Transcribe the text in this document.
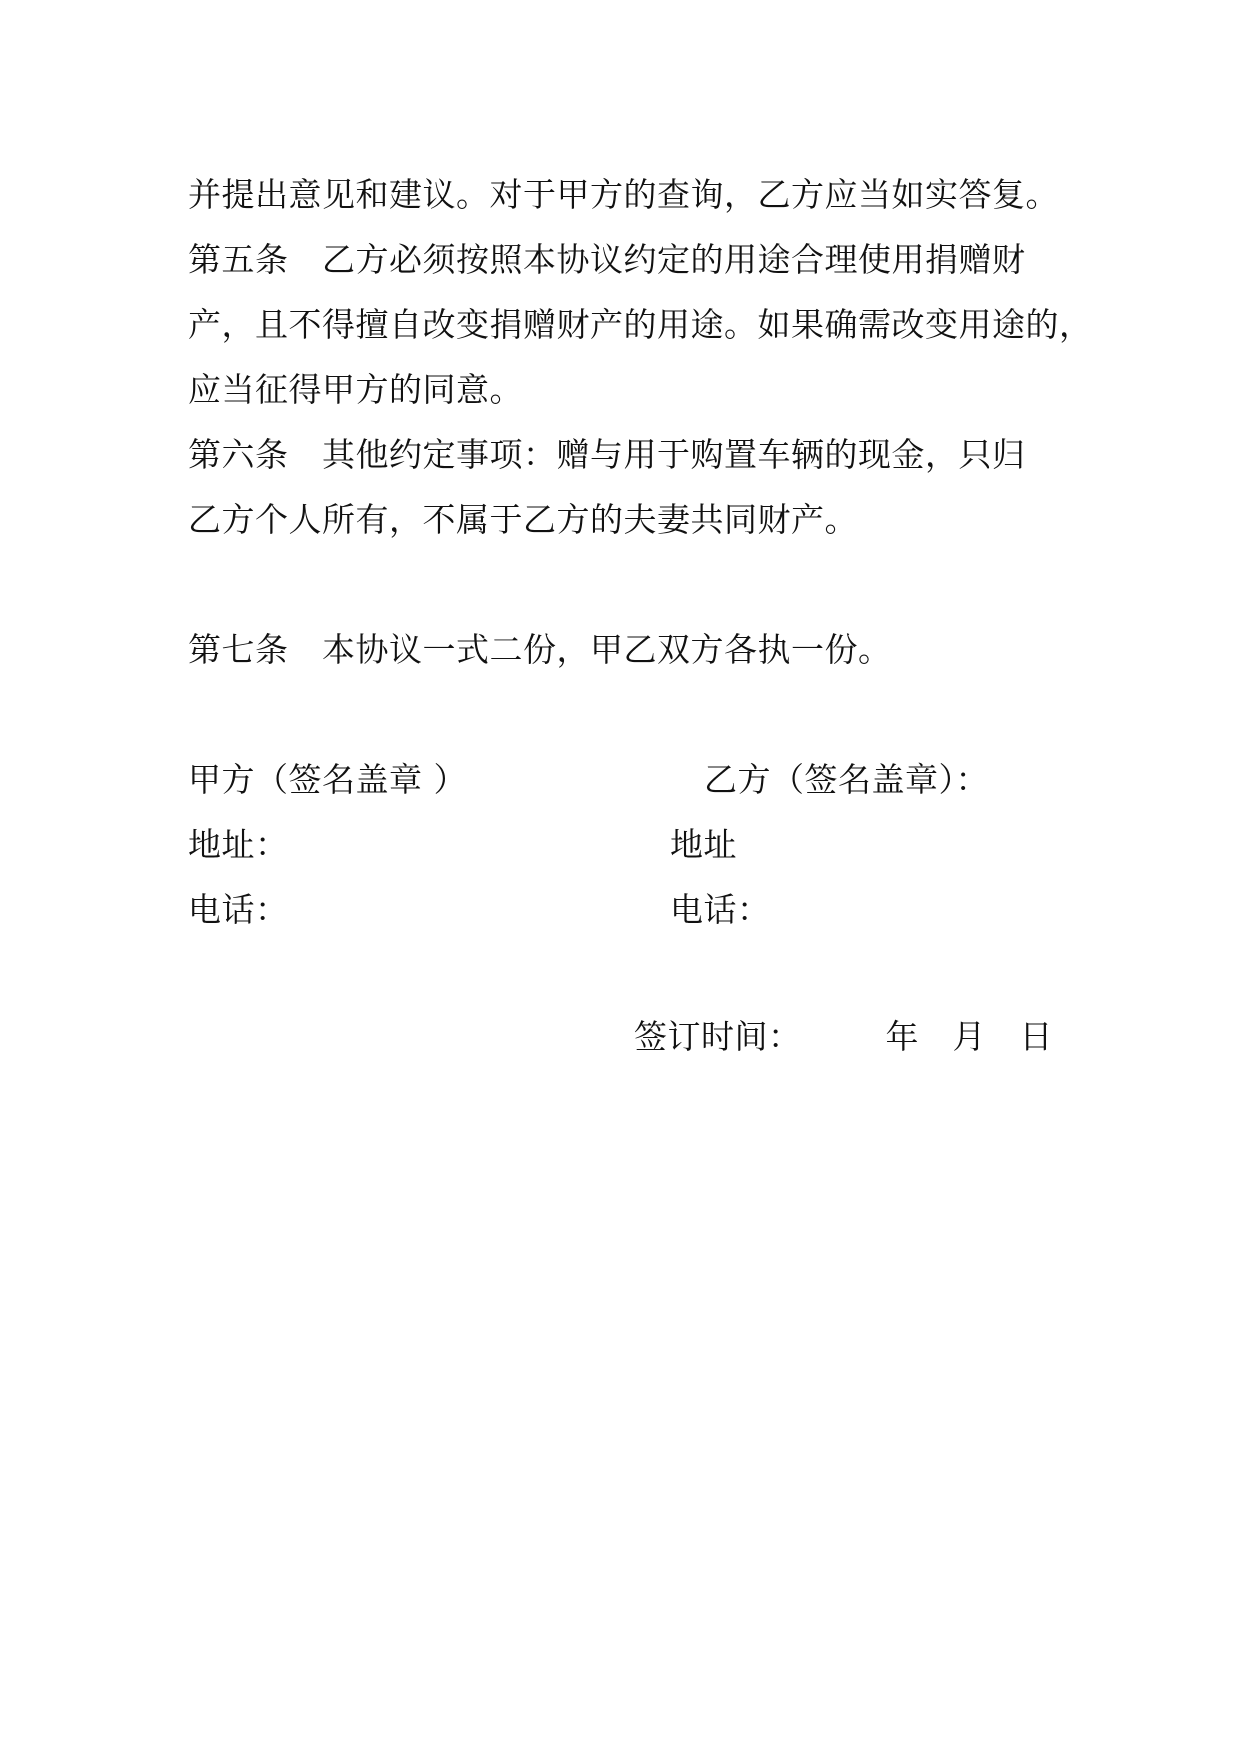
并提出意见和建议。对于甲方的查询，乙方应当如实答复。
第五条　乙方必须按照本协议约定的用途合理使用捐赠财
产，且不得擅自改变捐赠财产的用途。如果确需改变用途的，
应当征得甲方的同意。
第六条　其他约定事项：赠与用于购置车辆的现金，只归
乙方个人所有，不属于乙方的夫妻共同财产。
第七条　本协议一式二份，甲乙双方各执一份。
甲方（签名盖章 ）	乙方（签名盖章）：
地址：	地址
电话：	电话：
签订时间：　　　年　月　日
